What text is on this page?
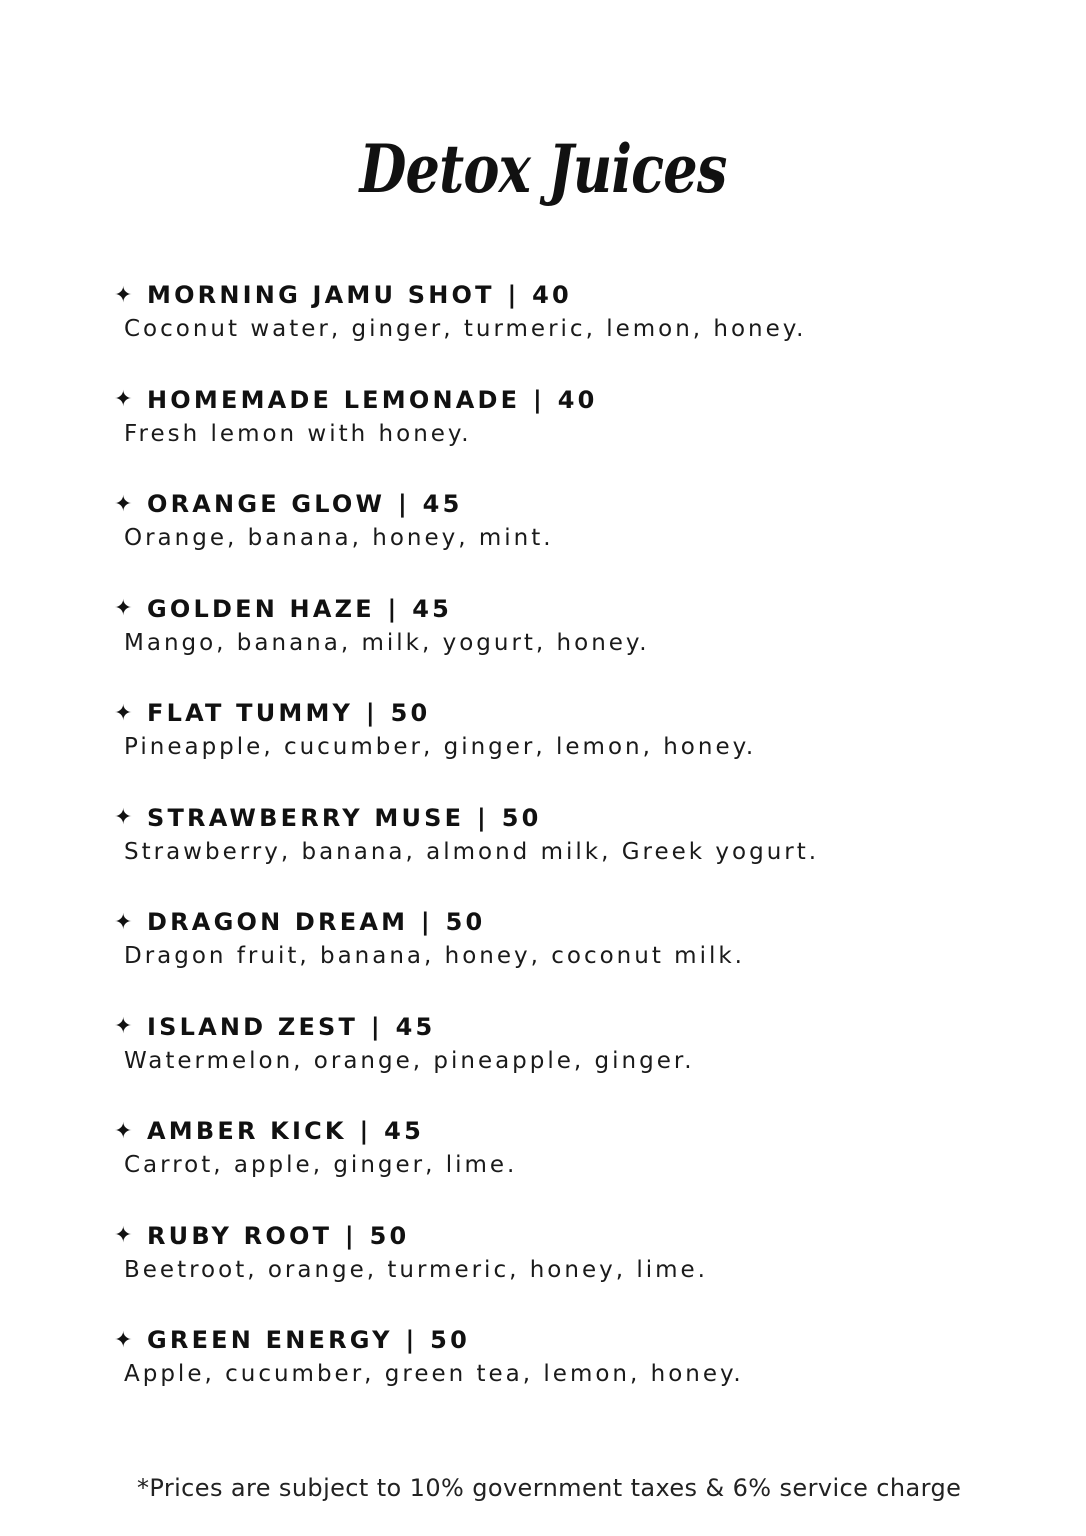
Detox Juices
✦ MORNING JAMU SHOT | 40
Coconut water, ginger, turmeric, lemon, honey.
✦ HOMEMADE LEMONADE | 40
Fresh lemon with honey.
✦ ORANGE GLOW | 45
Orange, banana, honey, mint.
✦ GOLDEN HAZE | 45
Mango, banana, milk, yogurt, honey.
✦ FLAT TUMMY | 50
Pineapple, cucumber, ginger, lemon, honey.
✦ STRAWBERRY MUSE | 50
Strawberry, banana, almond milk, Greek yogurt.
✦ DRAGON DREAM | 50
Dragon fruit, banana, honey, coconut milk.
✦ ISLAND ZEST | 45
Watermelon, orange, pineapple, ginger.
✦ AMBER KICK | 45
Carrot, apple, ginger, lime.
✦ RUBY ROOT | 50
Beetroot, orange, turmeric, honey, lime.
✦ GREEN ENERGY | 50
Apple, cucumber, green tea, lemon, honey.
*Prices are subject to 10% government taxes & 6% service charge
